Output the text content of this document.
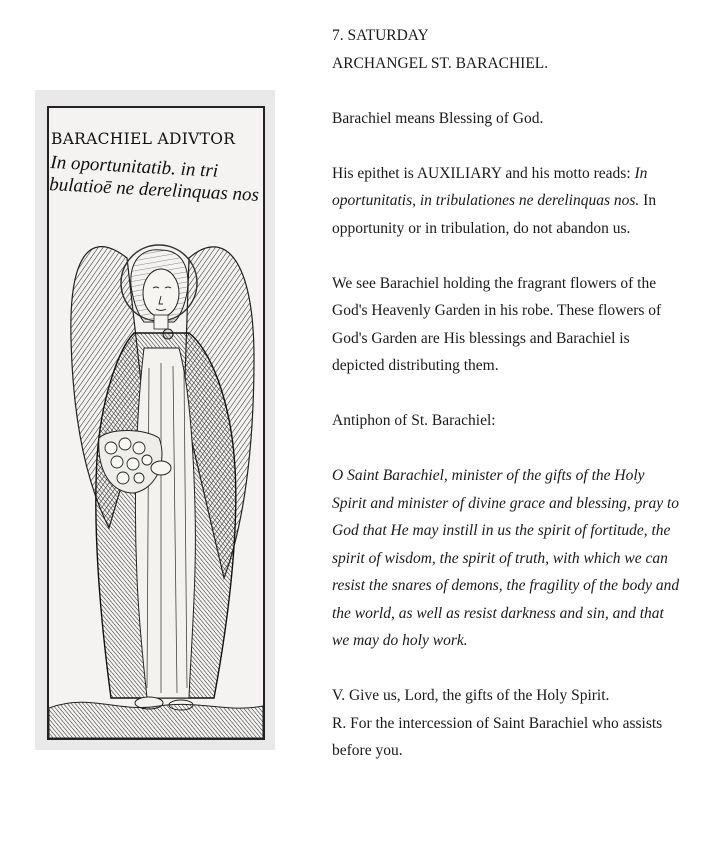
BARACHIEL ADIVTOR

In oportunitatib. in tri
bulatioē ne derelinquas nos

7. SATURDAY

ARCHANGEL ST. BARACHIEL.

Barachiel means Blessing of God.

His epithet is AUXILIARY and his motto reads: In oportunitatis, in tribulationes ne derelinquas nos. In opportunity or in tribulation, do not abandon us.

We see Barachiel holding the fragrant flowers of the God's Heavenly Garden in his robe. These flowers of God's Garden are His blessings and Barachiel is depicted distributing them.

Antiphon of St. Barachiel:

O Saint Barachiel, minister of the gifts of the Holy Spirit and minister of divine grace and blessing, pray to God that He may instill in us the spirit of fortitude, the spirit of wisdom, the spirit of truth, with which we can resist the snares of demons, the fragility of the body and the world, as well as resist darkness and sin, and that we may do holy work.

V. Give us, Lord, the gifts of the Holy Spirit.

R. For the intercession of Saint Barachiel who assists before you.
